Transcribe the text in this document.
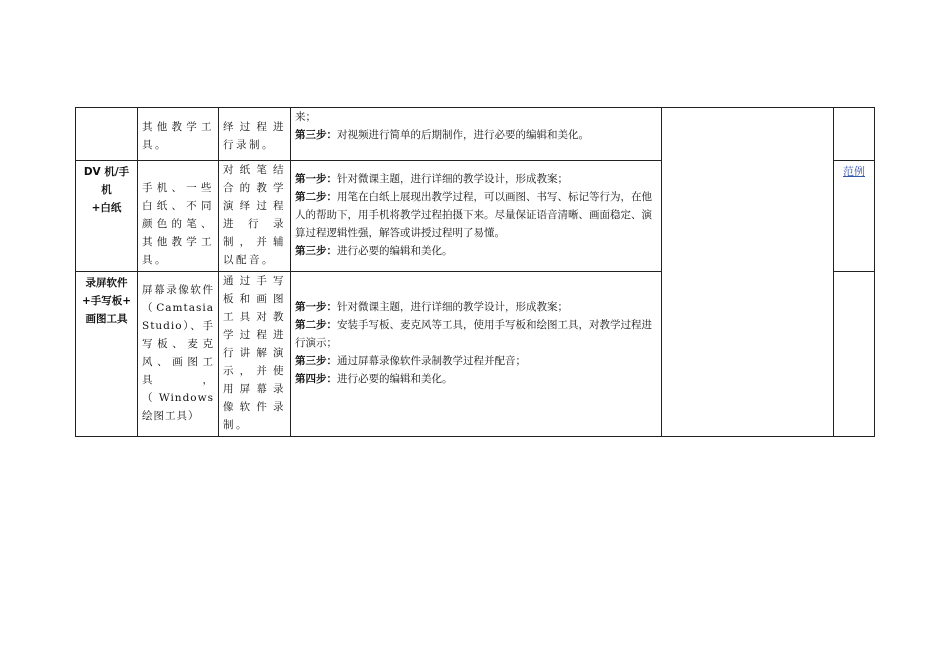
	其他教学工具。	绎过程进行录制。	来；
第三步：对视频进行简单的后期制作，进行必要的编辑和美化。		

DV 机/手
机
+白纸	手机、一些白纸、不同颜色的笔、其他教学工具。	对纸笔结合的教学演绎过程进行录制，并辅以配音。	第一步：针对微课主题，进行详细的教学设计，形成教案；
第二步：用笔在白纸上展现出教学过程，可以画图、书写、标记等行为，在他人的帮助下，用手机将教学过程拍摄下来。尽量保证语音清晰、画面稳定、演算过程逻辑性强，解答或讲授过程明了易懂。
第三步：进行必要的编辑和美化。		范例

录屏软件
+手写板+
画图工具	屏幕录像软件（Camtasia Studio）、手写板、麦克风、画图工具，（Windows 绘图工具）	通过手写板和画图工具对教学过程进行讲解演示，并使用屏幕录像软件录制。	第一步：针对微课主题，进行详细的教学设计，形成教案；
第二步：安装手写板、麦克风等工具，使用手写板和绘图工具，对教学过程进行演示；
第三步：通过屏幕录像软件录制教学过程并配音；
第四步：进行必要的编辑和美化。		
